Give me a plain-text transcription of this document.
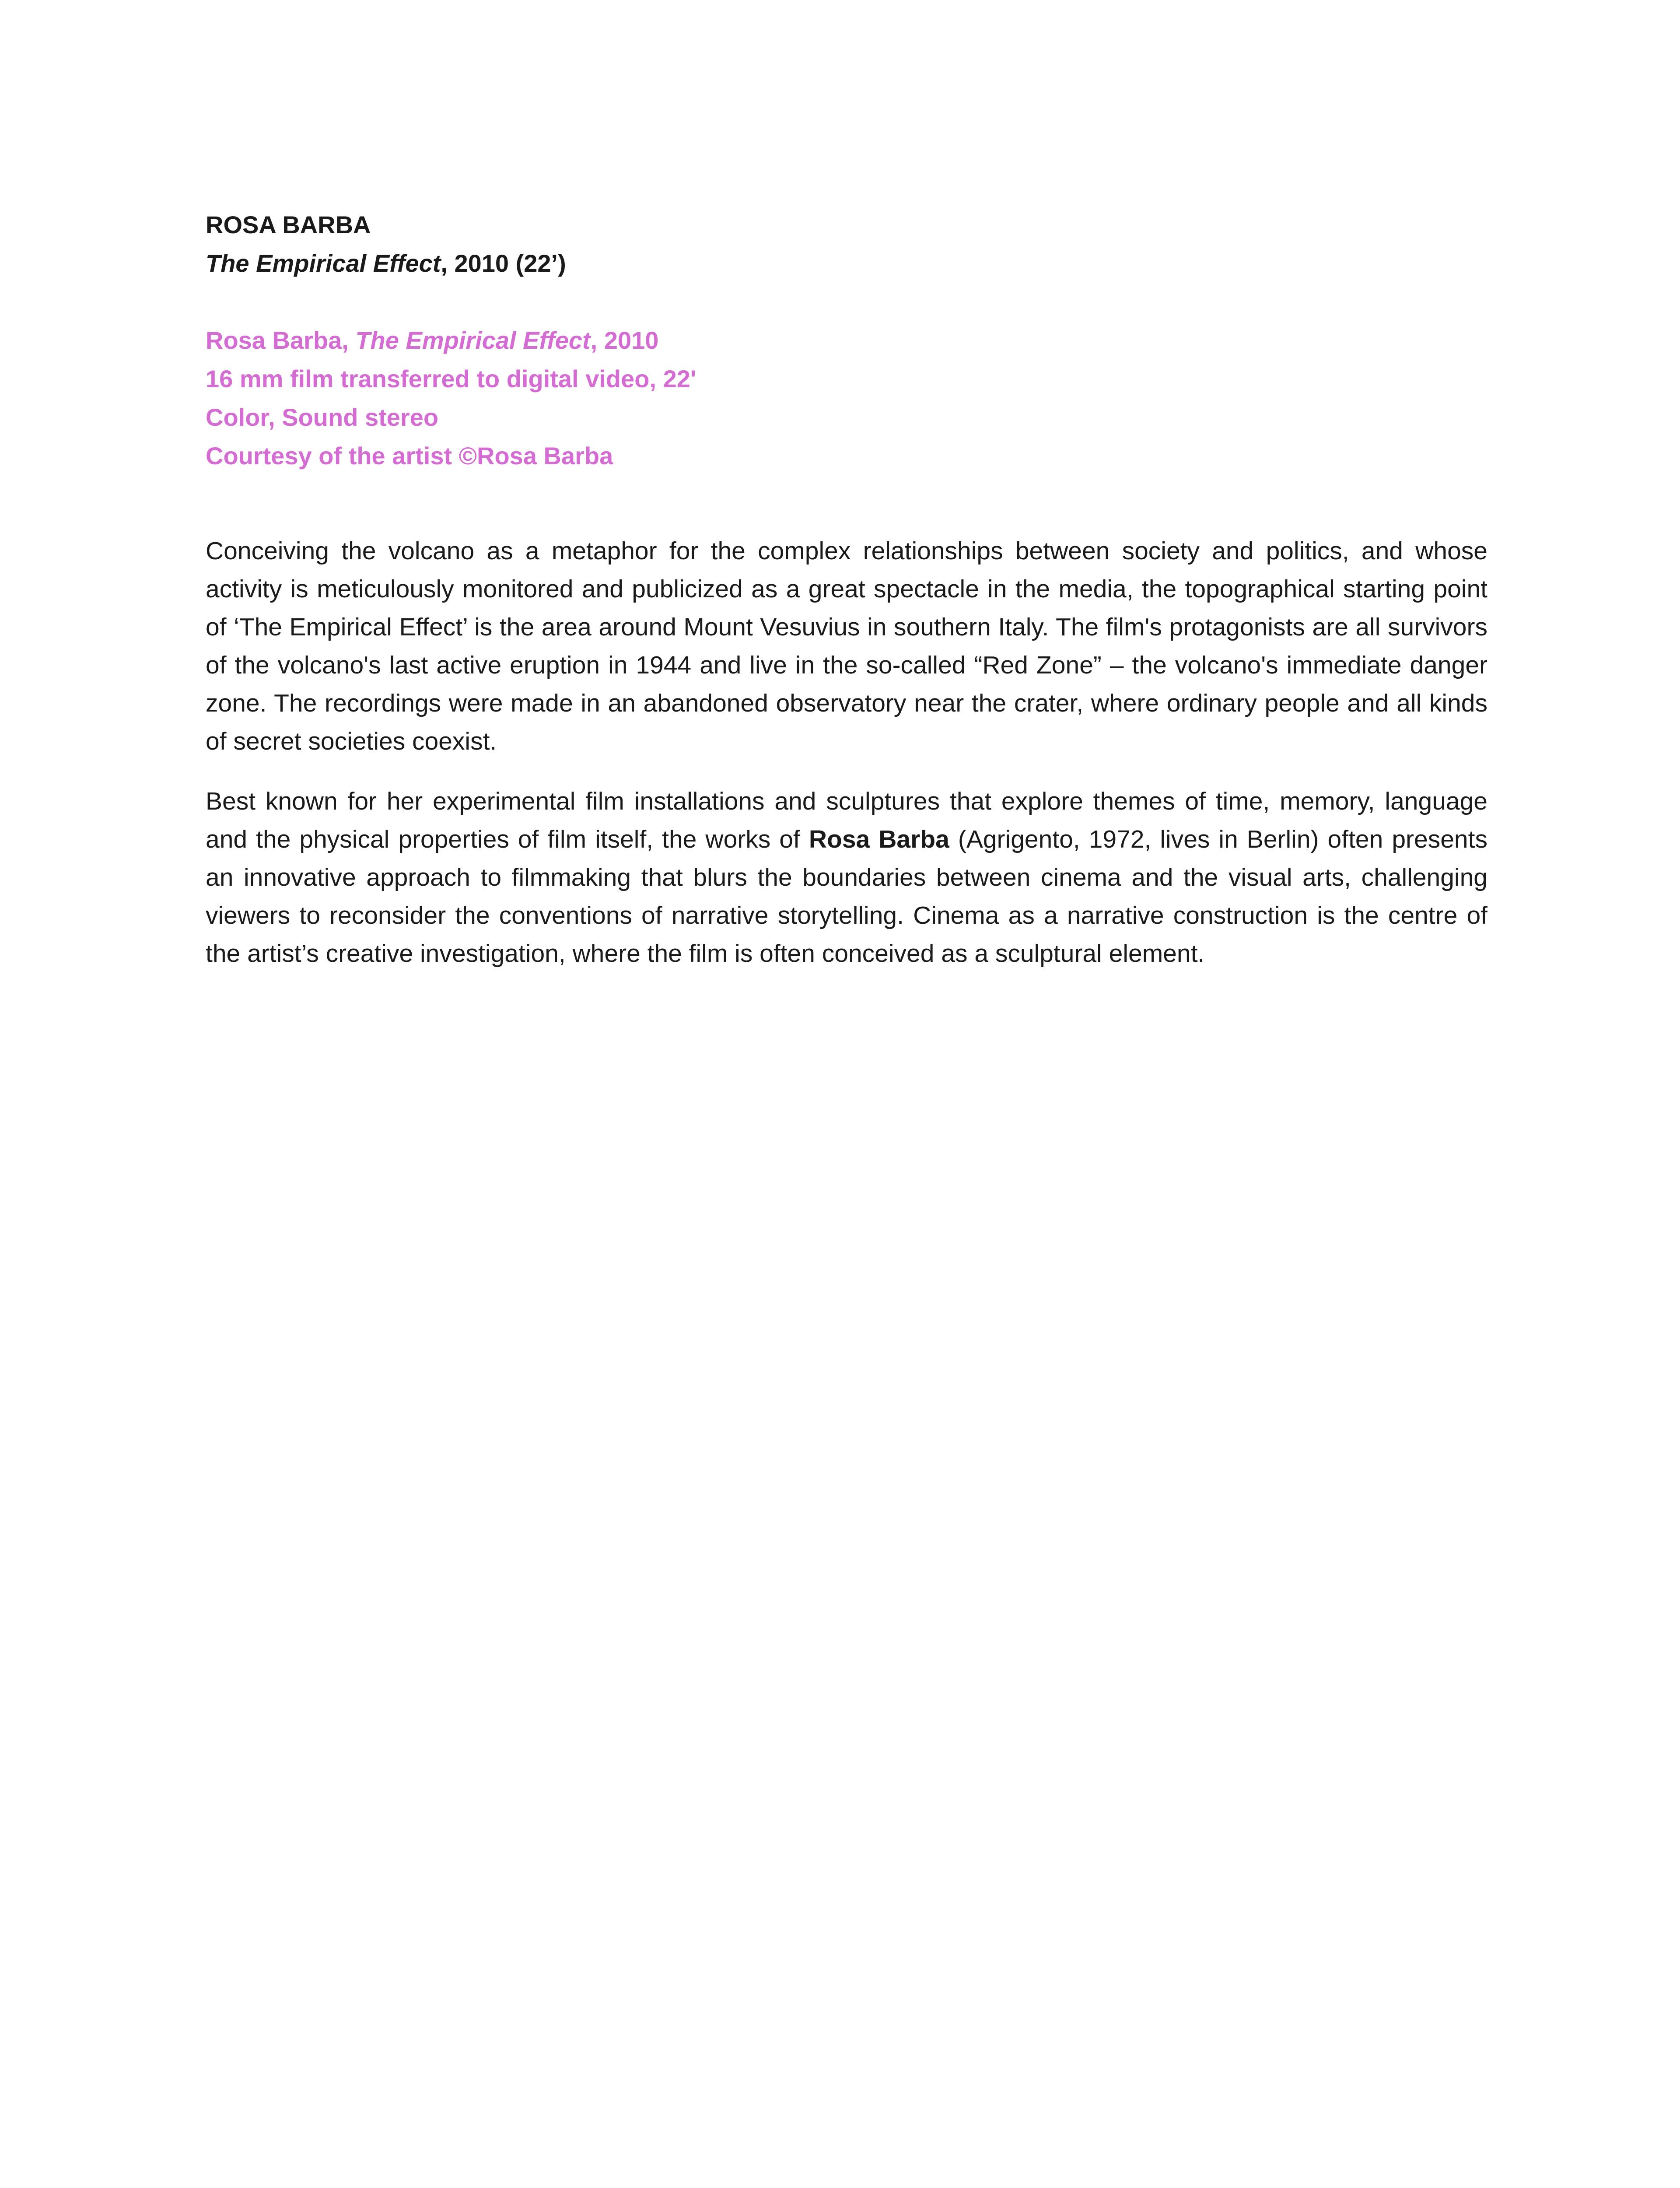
ROSA BARBA
The Empirical Effect, 2010 (22’)
Rosa Barba, The Empirical Effect, 2010
16 mm film transferred to digital video, 22'
Color, Sound stereo
Courtesy of the artist ©Rosa Barba

Conceiving the volcano as a metaphor for the complex relationships between society and politics, and whose activity is meticulously monitored and publicized as a great spectacle in the media, the topographical starting point of ‘The Empirical Effect’ is the area around Mount Vesuvius in southern Italy. The film's protagonists are all survivors of the volcano's last active eruption in 1944 and live in the so-called “Red Zone” – the volcano's immediate danger zone. The recordings were made in an abandoned observatory near the crater, where ordinary people and all kinds of secret societies coexist.

Best known for her experimental film installations and sculptures that explore themes of time, memory, language and the physical properties of film itself, the works of Rosa Barba (Agrigento, 1972, lives in Berlin) often presents an innovative approach to filmmaking that blurs the boundaries between cinema and the visual arts, challenging viewers to reconsider the conventions of narrative storytelling. Cinema as a narrative construction is the centre of the artist’s creative investigation, where the film is often conceived as a sculptural element.
